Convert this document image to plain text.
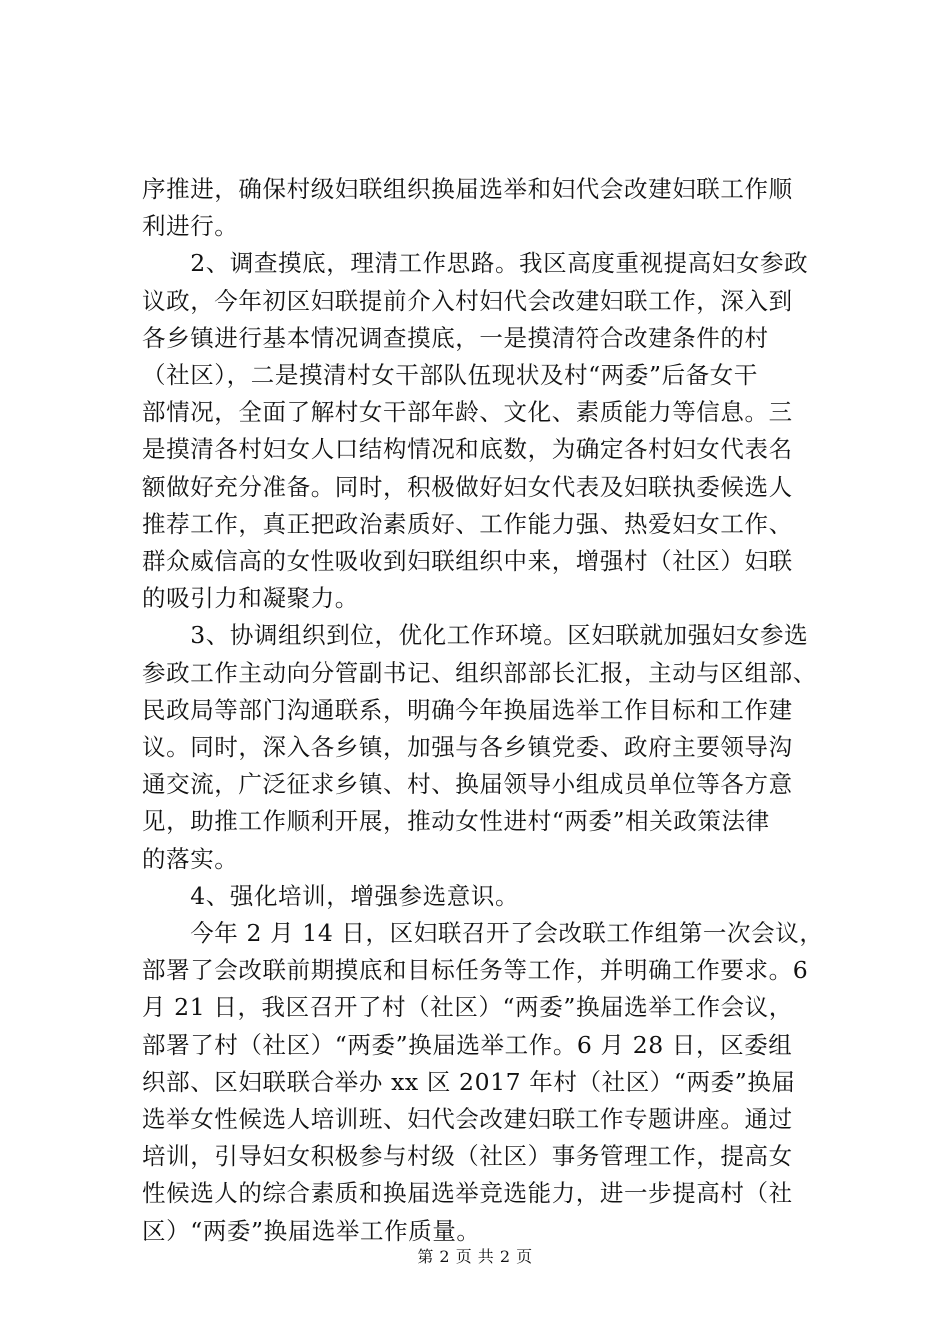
序推进，确保村级妇联组织换届选举和妇代会改建妇联工作顺
利进行。
　　2、调查摸底，理清工作思路。我区高度重视提高妇女参政
议政，今年初区妇联提前介入村妇代会改建妇联工作，深入到
各乡镇进行基本情况调查摸底，一是摸清符合改建条件的村
（社区），二是摸清村女干部队伍现状及村“两委”后备女干
部情况，全面了解村女干部年龄、文化、素质能力等信息。三
是摸清各村妇女人口结构情况和底数，为确定各村妇女代表名
额做好充分准备。同时，积极做好妇女代表及妇联执委候选人
推荐工作，真正把政治素质好、工作能力强、热爱妇女工作、
群众威信高的女性吸收到妇联组织中来，增强村（社区）妇联
的吸引力和凝聚力。
　　3、协调组织到位，优化工作环境。区妇联就加强妇女参选
参政工作主动向分管副书记、组织部部长汇报，主动与区组部、
民政局等部门沟通联系，明确今年换届选举工作目标和工作建
议。同时，深入各乡镇，加强与各乡镇党委、政府主要领导沟
通交流，广泛征求乡镇、村、换届领导小组成员单位等各方意
见，助推工作顺利开展，推动女性进村“两委”相关政策法律
的落实。
　　4、强化培训，增强参选意识。
　　今年 2 月 14 日，区妇联召开了会改联工作组第一次会议，
部署了会改联前期摸底和目标任务等工作，并明确工作要求。6
月 21 日，我区召开了村（社区）“两委”换届选举工作会议，
部署了村（社区）“两委”换届选举工作。6 月 28 日，区委组
织部、区妇联联合举办 xx 区 2017 年村（社区）“两委”换届
选举女性候选人培训班、妇代会改建妇联工作专题讲座。通过
培训，引导妇女积极参与村级（社区）事务管理工作，提高女
性候选人的综合素质和换届选举竞选能力，进一步提高村（社
区）“两委”换届选举工作质量。
第 2 页 共 2 页
